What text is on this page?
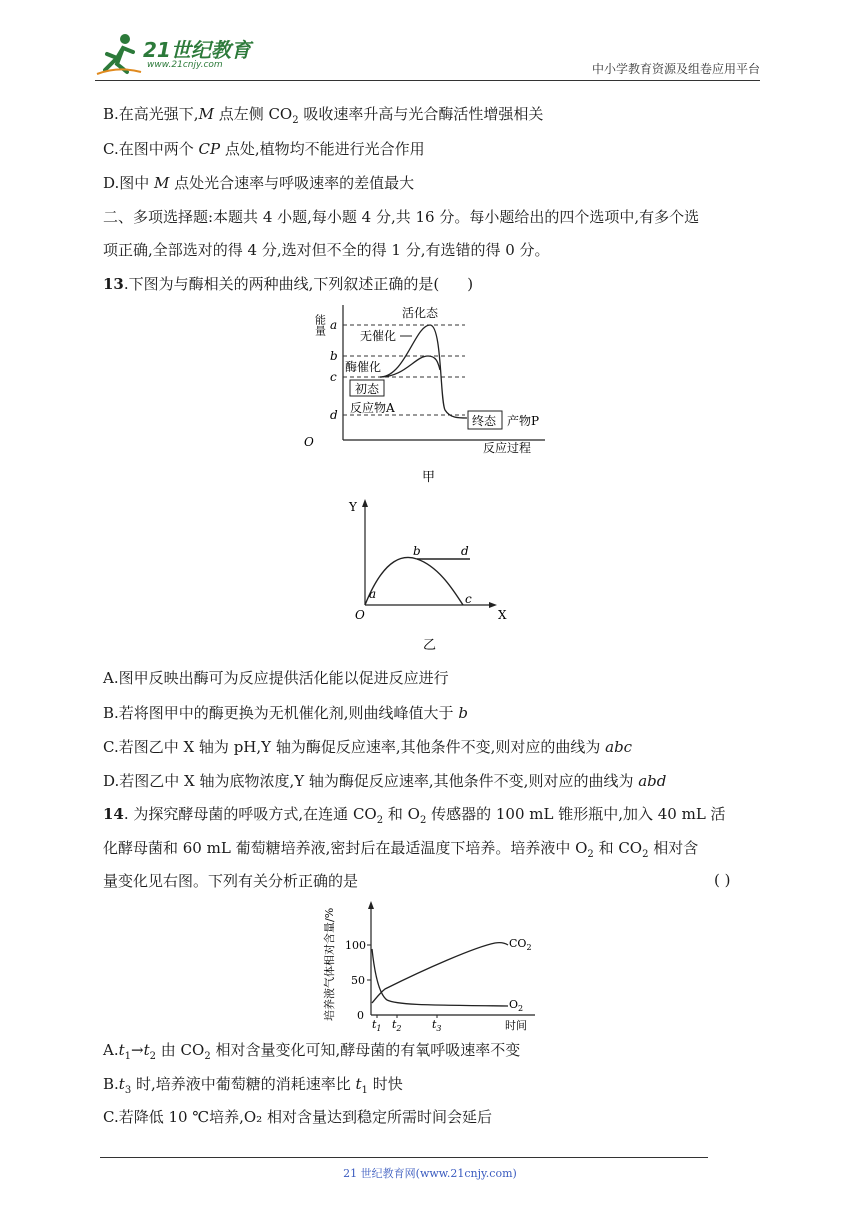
21世纪教育
www.21cnjy.com	中小学教育资源及组卷应用平台
B.在高光强下,M 点左侧 $CO_2$ 吸收速率升高与光合酶活性增强相关
C.在图中两个 CP 点处,植物均不能进行光合作用
D.图中 M 点处光合速率与呼吸速率的差值最大
二、多项选择题:本题共 4 小题,每小题 4 分,共 16 分。每小题给出的四个选项中,有多个选
项正确,全部选对的得 4 分,选对但不全的得 1 分,有选错的得 0 分。
13.下图为与酶相关的两种曲线,下列叙述正确的是( )
能量 a
b
c
d
O
活化态
无催化
酶催化
初态
反应物A
终态 产物P
反应过程
甲
Y
X
a
b
c
d
O
乙
A.图甲反映出酶可为反应提供活化能以促进反应进行
B.若将图甲中的酶更换为无机催化剂,则曲线峰值大于 b
C.若图乙中 X 轴为 pH,Y 轴为酶促反应速率,其他条件不变,则对应的曲线为 abc
D.若图乙中 X 轴为底物浓度,Y 轴为酶促反应速率,其他条件不变,则对应的曲线为 abd
14. 为探究酵母菌的呼吸方式,在连通 $CO_2$ 和 $O_2$ 传感器的 100 mL 锥形瓶中,加入 40 mL 活
化酵母菌和 60 mL 葡萄糖培养液,密封后在最适温度下培养。培养液中 $O_2$ 和 $CO_2$ 相对含
量变化见右图。下列有关分析正确的是	( )
培养液气体相对含量/% 100
50
0
$CO_2$
$O_2$
$t_1$ $t_2$	$t_3$	时间
$A.t_1\to t_2$ 由 $CO_2$ 相对含量变化可知,酵母菌的有氧呼吸速率不变
$B.t_3$ 时,培养液中葡萄糖的消耗速率比 $t_1$ 时快
C.若降低 10 ℃培养,O₂ 相对含量达到稳定所需时间会延后
21 世纪教育网(www.21cnjy.com)
